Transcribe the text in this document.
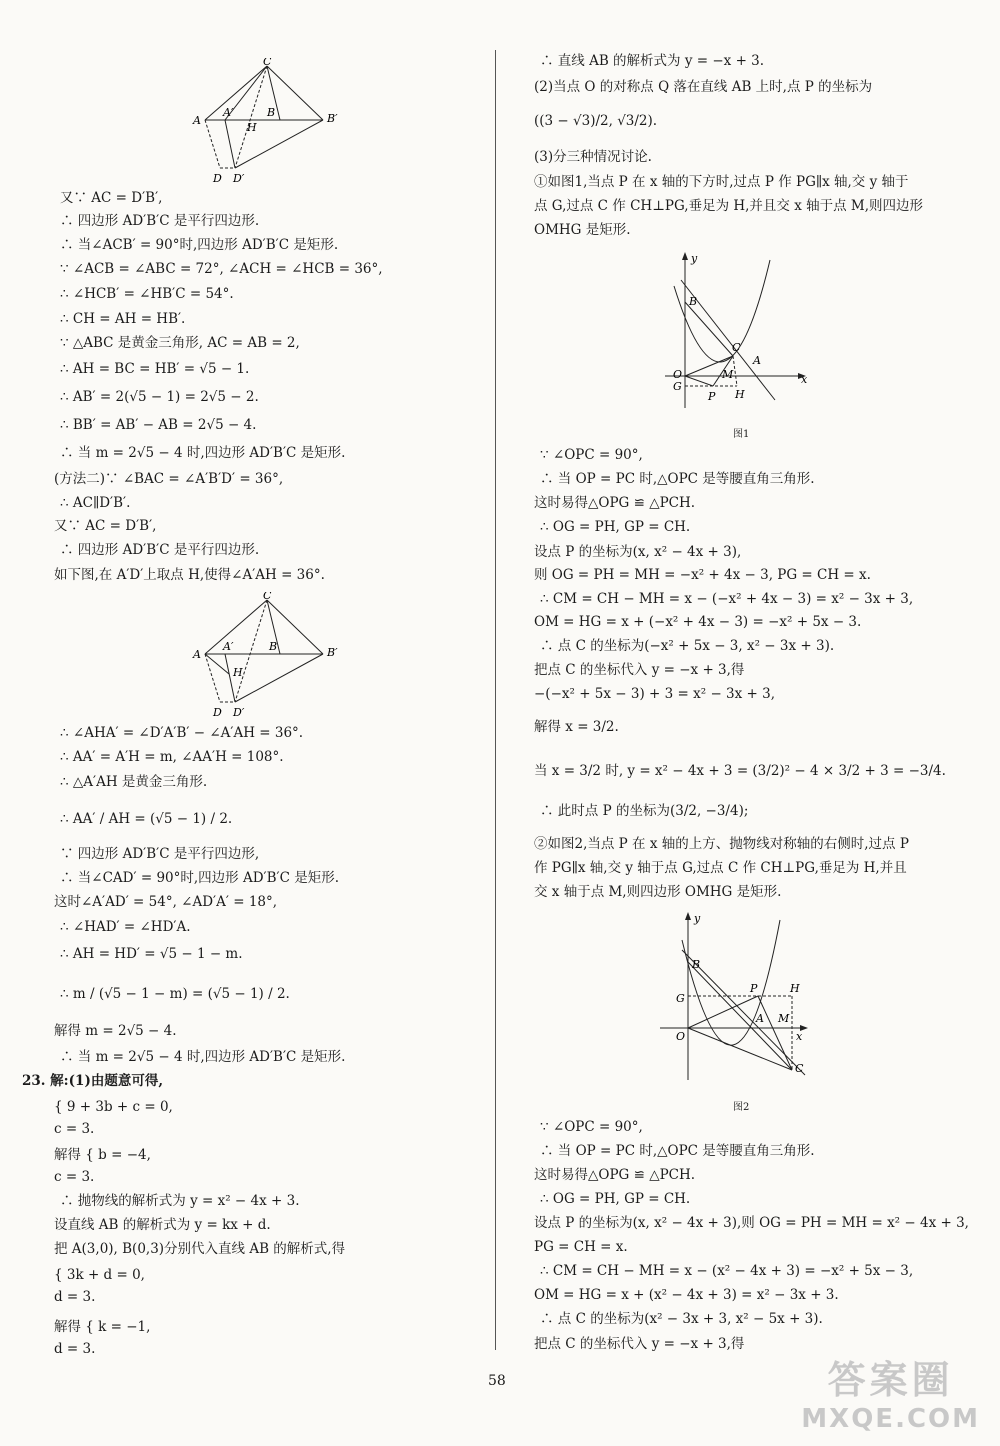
C
A
A′	B	B′
H
D D′
又∵ AC = D′B′,
∴ 四边形 AD′B′C 是平行四边形.
∴ 当∠ACB′ = 90°时,四边形 AD′B′C 是矩形.
∵ ∠ACB = ∠ABC = 72°, ∠ACH = ∠HCB = 36°,
∴ ∠HCB′ = ∠HB′C = 54°.
∴ CH = AH = HB′.
∵ △ABC 是黄金三角形, AC = AB = 2,
∴ AH = BC = HB′ = √5 − 1.
∴ AB′ = 2(√5 − 1) = 2√5 − 2.
∴ BB′ = AB′ − AB = 2√5 − 4.
∴ 当 m = 2√5 − 4 时,四边形 AD′B′C 是矩形.
(方法二)∵ ∠BAC = ∠A′B′D′ = 36°,
∴ AC∥D′B′.
又∵ AC = D′B′,
∴ 四边形 AD′B′C 是平行四边形.
如下图,在 A′D′上取点 H,使得∠A′AH = 36°.
C
A
A′	B	B′
H
D D′
∴ ∠AHA′ = ∠D′A′B′ − ∠A′AH = 36°.
∴ AA′ = A′H = m, ∠AA′H = 108°.
∴ △A′AH 是黄金三角形.
∴ AA′ / AH = (√5 − 1) / 2.
∵ 四边形 AD′B′C 是平行四边形,
∴ 当∠CAD′ = 90°时,四边形 AD′B′C 是矩形.
这时∠A′AD′ = 54°, ∠AD′A′ = 18°,
∴ ∠HAD′ = ∠HD′A.
∴ AH = HD′ = √5 − 1 − m.
∴ m / (√5 − 1 − m) = (√5 − 1) / 2.
解得 m = 2√5 − 4.
∴ 当 m = 2√5 − 4 时,四边形 AD′B′C 是矩形.
23. 解:(1)由题意可得,
{ 9 + 3b + c = 0,
c = 3.
解得 { b = −4,
c = 3.
∴ 抛物线的解析式为 y = x² − 4x + 3.
设直线 AB 的解析式为 y = kx + d.
把 A(3,0), B(0,3)分别代入直线 AB 的解析式,得
{ 3k + d = 0,
d = 3.
解得 { k = −1,
d = 3.
∴ 直线 AB 的解析式为 y = −x + 3.
(2)当点 O 的对称点 Q 落在直线 AB 上时,点 P 的坐标为
((3 − √3)/2, √3/2).
(3)分三种情况讨论.
①如图1,当点 P 在 x 轴的下方时,过点 P 作 PG∥x 轴,交 y 轴于
点 G,过点 C 作 CH⊥PG,垂足为 H,并且交 x 轴于点 M,则四边形
OMHG 是矩形.
y
B
C
A
O
G
M
P H
x
图1
∵ ∠OPC = 90°,
∴ 当 OP = PC 时,△OPC 是等腰直角三角形.
这时易得△OPG ≌ △PCH.
∴ OG = PH, GP = CH.
设点 P 的坐标为(x, x² − 4x + 3),
则 OG = PH = MH = −x² + 4x − 3, PG = CH = x.
∴ CM = CH − MH = x − (−x² + 4x − 3) = x² − 3x + 3,
OM = HG = x + (−x² + 4x − 3) = −x² + 5x − 3.
∴ 点 C 的坐标为(−x² + 5x − 3, x² − 3x + 3).
把点 C 的坐标代入 y = −x + 3,得
−(−x² + 5x − 3) + 3 = x² − 3x + 3,
解得 x = 3/2.
当 x = 3/2 时, y = x² − 4x + 3 = (3/2)² − 4 × 3/2 + 3 = −3/4.
∴ 此时点 P 的坐标为(3/2, −3/4);
②如图2,当点 P 在 x 轴的上方、抛物线对称轴的右侧时,过点 P
作 PG∥x 轴,交 y 轴于点 G,过点 C 作 CH⊥PG,垂足为 H,并且
交 x 轴于点 M,则四边形 OMHG 是矩形.
y
B
G
P	H
A M
O	x
C
图2
∵ ∠OPC = 90°,
∴ 当 OP = PC 时,△OPC 是等腰直角三角形.
这时易得△OPG ≌ △PCH.
∴ OG = PH, GP = CH.
设点 P 的坐标为(x, x² − 4x + 3),则 OG = PH = MH = x² − 4x + 3,
PG = CH = x.
∴ CM = CH − MH = x − (x² − 4x + 3) = −x² + 5x − 3,
OM = HG = x + (x² − 4x + 3) = x² − 3x + 3.
∴ 点 C 的坐标为(x² − 3x + 3, x² − 5x + 3).
把点 C 的坐标代入 y = −x + 3,得
58	答案圈
MXQE.COM
